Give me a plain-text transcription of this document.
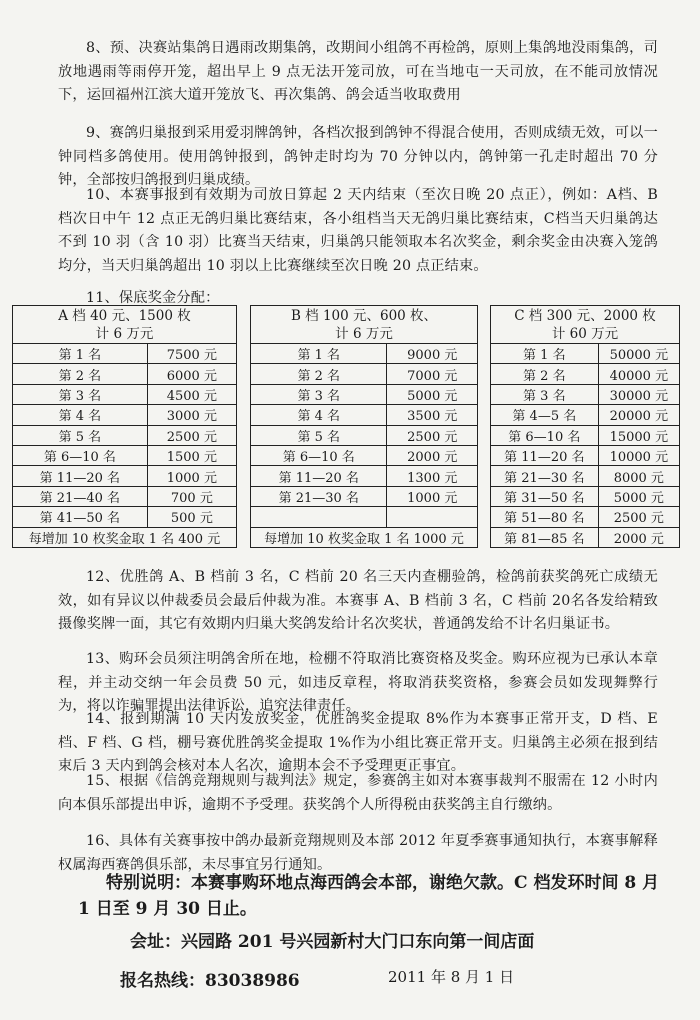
8、预、决赛站集鸽日遇雨改期集鸽，改期间小组鸽不再检鸽，原则上集鸽地没雨集鸽，司放地遇雨等雨停开笼，超出早上 9 点无法开笼司放，可在当地屯一天司放，在不能司放情况下，运回福州江滨大道开笼放飞、再次集鸽、鸽会适当收取费用

9、赛鸽归巢报到采用爱羽牌鸽钟，各档次报到鸽钟不得混合使用，否则成绩无效，可以一钟同档多鸽使用。使用鸽钟报到，鸽钟走时均为 70 分钟以内，鸽钟第一孔走时超出 70 分钟，全部按归鸽报到归巢成绩。

10、本赛事报到有效期为司放日算起 2 天内结束（至次日晚 20 点正），例如：A档、B 档次日中午 12 点正无鸽归巢比赛结束，各小组档当天无鸽归巢比赛结束，C档当天归巢鸽达不到 10 羽（含 10 羽）比赛当天结束，归巢鸽只能领取本名次奖金，剩余奖金由决赛入笼鸽均分，当天归巢鸽超出 10 羽以上比赛继续至次日晚 20 点正结束。

11、保底奖金分配：

A 档 40 元、1500 枚
计 6 万元	

第 1 名	7500 元
第 2 名	6000 元
第 3 名	4500 元
第 4 名	3000 元
第 5 名	2500 元
第 6—10 名	1500 元
第 11—20 名	1000 元
第 21—40 名	700 元
第 41—50 名	500 元
每增加 10 枚奖金取 1 名 400 元	
B 档 100 元、600 枚、
计 6 万元	

第 1 名	9000 元
第 2 名	7000 元
第 3 名	5000 元
第 4 名	3500 元
第 5 名	2500 元
第 6—10 名	2000 元
第 11—20 名	1300 元
第 21—30 名	1000 元

每增加 10 枚奖金取 1 名 1000 元	
C 档 300 元、2000 枚
计 60 万元	

第 1 名	50000 元
第 2 名	40000 元
第 3 名	30000 元
第 4—5 名	20000 元
第 6—10 名	15000 元
第 11—20 名	10000 元
第 21—30 名	8000 元
第 31—50 名	5000 元
第 51—80 名	2500 元
第 81—85 名	2000 元

12、优胜鸽 A、B 档前 3 名，C 档前 20 名三天内查棚验鸽，检鸽前获奖鸽死亡成绩无效，如有异议以仲裁委员会最后仲裁为准。本赛事 A、B 档前 3 名，C 档前 20名各发给精致摄像奖牌一面，其它有效期内归巢大奖鸽发给计名次奖状，普通鸽发给不计名归巢证书。

13、购环会员须注明鸽舍所在地，检棚不符取消比赛资格及奖金。购环应视为已承认本章程，并主动交纳一年会员费 50 元，如违反章程，将取消获奖资格，参赛会员如发现舞弊行为，将以诈骗罪提出法律诉讼，追究法律责任。

14、报到期满 10 天内发放奖金，优胜鸽奖金提取 8%作为本赛事正常开支，D 档、E 档、F 档、G 档，棚号赛优胜鸽奖金提取 1%作为小组比赛正常开支。归巢鸽主必须在报到结束后 3 天内到鸽会核对本人名次，逾期本会不予受理更正事宜。

15、根据《信鸽竞翔规则与裁判法》规定，参赛鸽主如对本赛事裁判不服需在 12 小时内向本俱乐部提出申诉，逾期不予受理。获奖鸽个人所得税由获奖鸽主自行缴纳。

16、具体有关赛事按中鸽办最新竞翔规则及本部 2012 年夏季赛事通知执行，本赛事解释权属海西赛鸽俱乐部，未尽事宜另行通知。

特别说明：本赛事购环地点海西鸽会本部，谢绝欠款。C 档发环时间 8 月 1 日至 9 月 30 日止。

会址：兴园路 201 号兴园新村大门口东向第一间店面
报名热线：83038986	2011 年 8 月 1 日
